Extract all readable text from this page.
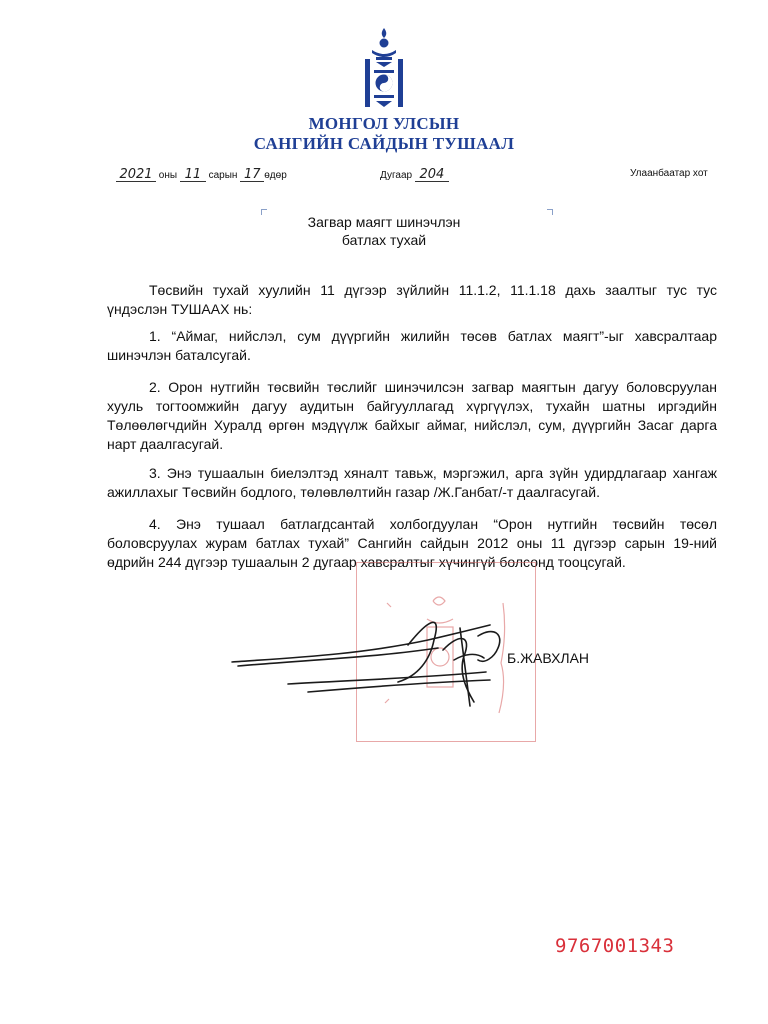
МОНГОЛ УЛСЫН
САНГИЙН САЙДЫН ТУШААЛ
2021 оны 11 сарын 17 өдөр	Дугаар 204	Улаанбаатар хот
Загвар маягт шинэчлэн
батлах тухай

Төсвийн тухай хуулийн 11 дүгээр зүйлийн 11.1.2, 11.1.18 дахь заалтыг тус тус үндэслэн ТУШААХ нь:

1. “Аймаг, нийслэл, сум дүүргийн жилийн төсөв батлах маягт”-ыг хавсралтаар шинэчлэн баталсугай.

2. Орон нутгийн төсвийн төслийг шинэчилсэн загвар маягтын дагуу боловсруулан хууль тогтоомжийн дагуу аудитын байгууллагад хүргүүлэх, тухайн шатны иргэдийн Төлөөлөгчдийн Хуралд өргөн мэдүүлж байхыг аймаг, нийслэл, сум, дүүргийн Засаг дарга нарт даалгасугай.

3. Энэ тушаалын биелэлтэд хяналт тавьж, мэргэжил, арга зүйн удирдлагаар хангаж ажиллахыг Төсвийн бодлого, төлөвлөлтийн газар /Ж.Ганбат/-т даалгасугай.

4. Энэ тушаал батлагдсантай холбогдуулан “Орон нутгийн төсвийн төсөл боловсруулах журам батлах тухай” Сангийн сайдын 2012 оны 11 дүгээр сарын 19-ний өдрийн 244 дүгээр тушаалын 2 дугаар хавсралтыг хүчингүй болсонд тооцсугай.

Б.ЖАВХЛАН
9767001343
